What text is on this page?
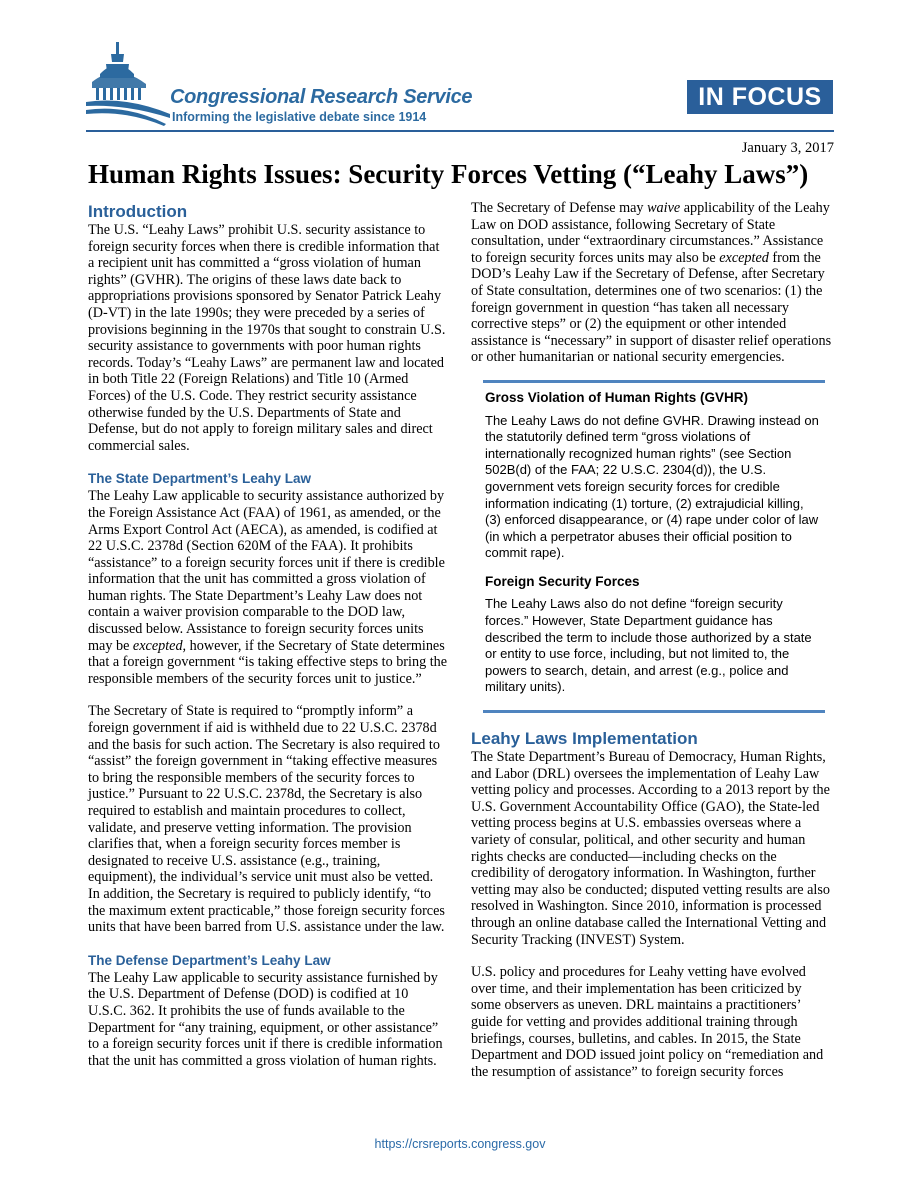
Congressional Research Service
Informing the legislative debate since 1914
IN FOCUS
January 3, 2017
Human Rights Issues: Security Forces Vetting (“Leahy Laws”)
Introduction

The U.S. “Leahy Laws” prohibit U.S. security assistance to foreign security forces when there is credible information that a recipient unit has committed a “gross violation of human rights” (GVHR). The origins of these laws date back to appropriations provisions sponsored by Senator Patrick Leahy (D-VT) in the late 1990s; they were preceded by a series of provisions beginning in the 1970s that sought to constrain U.S. security assistance to governments with poor human rights records. Today’s “Leahy Laws” are permanent law and located in both Title 22 (Foreign Relations) and Title 10 (Armed Forces) of the U.S. Code. They restrict security assistance otherwise funded by the U.S. Departments of State and Defense, but do not apply to foreign military sales and direct commercial sales.

The State Department’s Leahy Law

The Leahy Law applicable to security assistance authorized by the Foreign Assistance Act (FAA) of 1961, as amended, or the Arms Export Control Act (AECA), as amended, is codified at 22 U.S.C. 2378d (Section 620M of the FAA). It prohibits “assistance” to a foreign security forces unit if there is credible information that the unit has committed a gross violation of human rights. The State Department’s Leahy Law does not contain a waiver provision comparable to the DOD law, discussed below. Assistance to foreign security forces units may be excepted, however, if the Secretary of State determines that a foreign government “is taking effective steps to bring the responsible members of the security forces unit to justice.”

The Secretary of State is required to “promptly inform” a foreign government if aid is withheld due to 22 U.S.C. 2378d and the basis for such action. The Secretary is also required to “assist” the foreign government in “taking effective measures to bring the responsible members of the security forces to justice.” Pursuant to 22 U.S.C. 2378d, the Secretary is also required to establish and maintain procedures to collect, validate, and preserve vetting information. The provision clarifies that, when a foreign security forces member is designated to receive U.S. assistance (e.g., training, equipment), the individual’s service unit must also be vetted. In addition, the Secretary is required to publicly identify, “to the maximum extent practicable,” those foreign security forces units that have been barred from U.S. assistance under the law.

The Defense Department’s Leahy Law

The Leahy Law applicable to security assistance furnished by the U.S. Department of Defense (DOD) is codified at 10 U.S.C. 362. It prohibits the use of funds available to the Department for “any training, equipment, or other assistance” to a foreign security forces unit if there is credible information that the unit has committed a gross violation of human rights.

The Secretary of Defense may waive applicability of the Leahy Law on DOD assistance, following Secretary of State consultation, under “extraordinary circumstances.” Assistance to foreign security forces units may also be excepted from the DOD’s Leahy Law if the Secretary of Defense, after Secretary of State consultation, determines one of two scenarios: (1) the foreign government in question “has taken all necessary corrective steps” or (2) the equipment or other intended assistance is “necessary” in support of disaster relief operations or other humanitarian or national security emergencies.

Gross Violation of Human Rights (GVHR)

The Leahy Laws do not define GVHR. Drawing instead on the statutorily defined term “gross violations of internationally recognized human rights” (see Section 502B(d) of the FAA; 22 U.S.C. 2304(d)), the U.S. government vets foreign security forces for credible information indicating (1) torture, (2) extrajudicial killing, (3) enforced disappearance, or (4) rape under color of law (in which a perpetrator abuses their official position to commit rape).

Foreign Security Forces

The Leahy Laws also do not define “foreign security forces.” However, State Department guidance has described the term to include those authorized by a state or entity to use force, including, but not limited to, the powers to search, detain, and arrest (e.g., police and military units).

Leahy Laws Implementation

The State Department’s Bureau of Democracy, Human Rights, and Labor (DRL) oversees the implementation of Leahy Law vetting policy and processes. According to a 2013 report by the U.S. Government Accountability Office (GAO), the State-led vetting process begins at U.S. embassies overseas where a variety of consular, political, and other security and human rights checks are conducted—including checks on the credibility of derogatory information. In Washington, further vetting may also be conducted; disputed vetting results are also resolved in Washington. Since 2010, information is processed through an online database called the International Vetting and Security Tracking (INVEST) System.

U.S. policy and procedures for Leahy vetting have evolved over time, and their implementation has been criticized by some observers as uneven. DRL maintains a practitioners’ guide for vetting and provides additional training through briefings, courses, bulletins, and cables. In 2015, the State Department and DOD issued joint policy on “remediation and the resumption of assistance” to foreign security forces

https://crsreports.congress.gov
